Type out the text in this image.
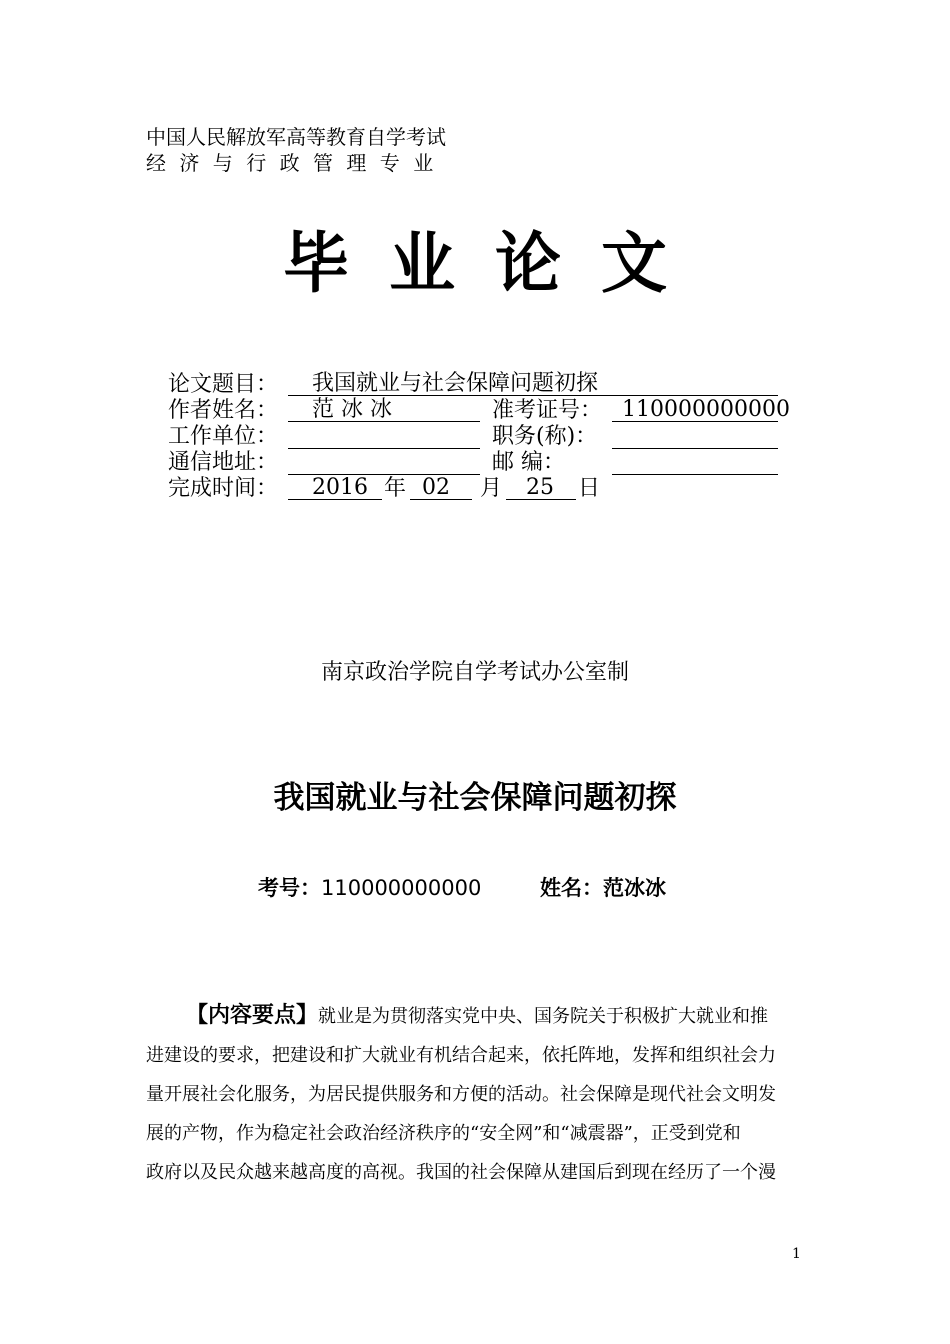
中国人民解放军高等教育自学考试
经济与行政管理专业
毕业论文
论文题目：	我国就业与社会保障问题初探
作者姓名：	范 冰 冰	准考证号： 110000000000
工作单位：	职务(称)：
通信地址：	邮 编：
完成时间：	2016 年 02	月	25	日
南京政治学院自学考试办公室制
我国就业与社会保障问题初探
考号：110000000000	姓名：范冰冰
【内容要点】就业是为贯彻落实党中央、国务院关于积极扩大就业和推
进建设的要求，把建设和扩大就业有机结合起来，依托阵地，发挥和组织社会力
量开展社会化服务，为居民提供服务和方便的活动。社会保障是现代社会文明发
展的产物，作为稳定社会政治经济秩序的“安全网”和“减震器”，正受到党和
政府以及民众越来越高度的高视。我国的社会保障从建国后到现在经历了一个漫
1
